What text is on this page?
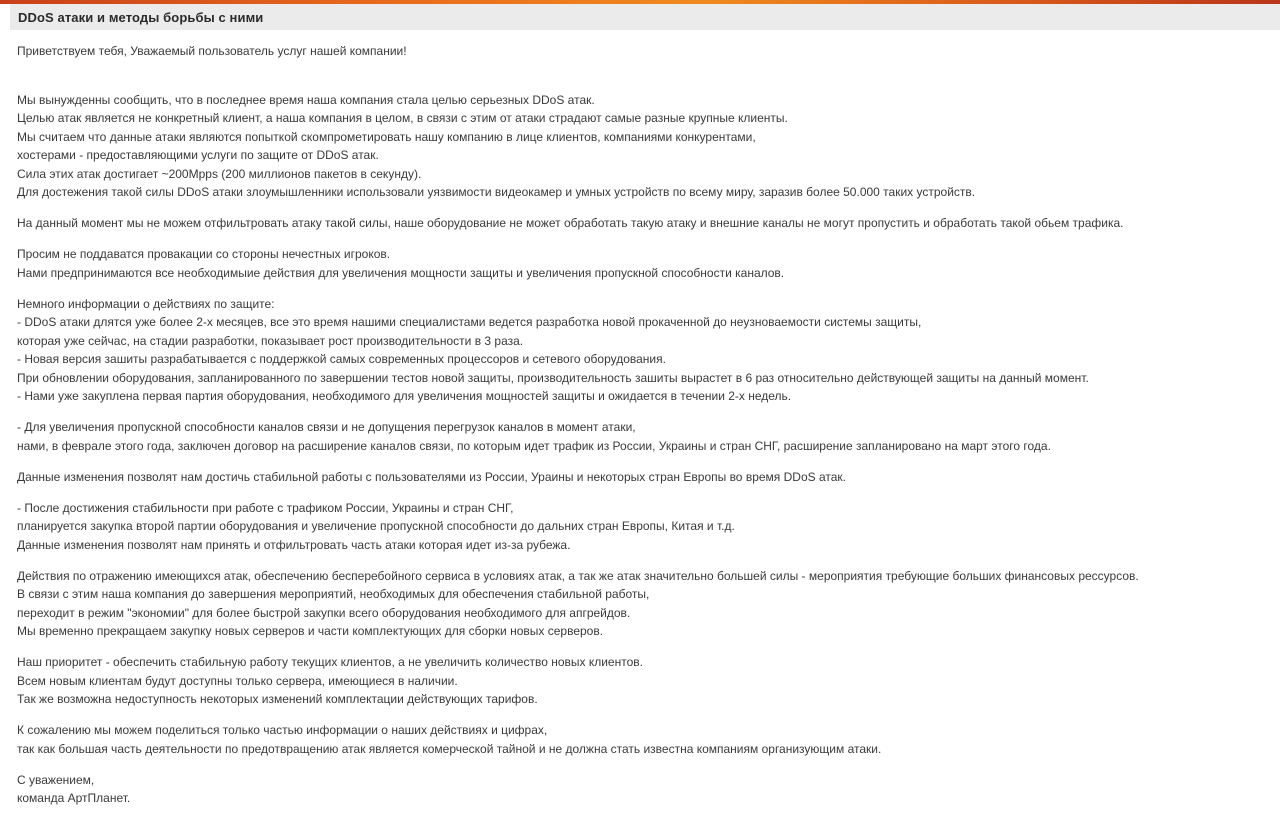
DDoS атаки и методы борьбы с ними

Приветствуем тебя, Уважаемый пользователь услуг нашей компании!

Мы вынужденны сообщить, что в последнее время наша компания стала целью серьезных DDoS атак.
Целью атак является не конкретный клиент, а наша компания в целом, в связи с этим от атаки страдают самые разные крупные клиенты.
Мы считаем что данные атаки являются попыткой скомпрометировать нашу компанию в лице клиентов, компаниями конкурентами,
хостерами - предоставляющими услуги по защите от DDoS атак.
Сила этих атак достигает ~200Mpps (200 миллионов пакетов в секунду).
Для достежения такой силы DDoS атаки злоумышленники использовали уязвимости видеокамер и умных устройств по всему миру, заразив более 50.000 таких устройств.

На данный момент мы не можем отфильтровать атаку такой силы, наше оборудование не может обработать такую атаку и внешние каналы не могут пропустить и обработать такой обьем трафика.

Просим не поддаватся провакации со стороны нечестных игроков.
Нами предпринимаются все необходимыие действия для увеличения мощности защиты и увеличения пропускной способности каналов.

Немного информации о действиях по защите:
- DDoS атаки длятся уже более 2-х месяцев, все это время нашими специалистами ведется разработка новой прокаченной до неузноваемости системы защиты,
которая уже сейчас, на стадии разработки, показывает рост производительности в 3 раза.
- Новая версия зашиты разрабатывается с поддержкой самых современных процессоров и сетевого оборудования.
При обновлении оборудования, запланированного по завершении тестов новой защиты, производительность зашиты вырастет в 6 раз относительно действующей защиты на данный момент.
- Нами уже закуплена первая партия оборудования, необходимого для увеличения мощностей защиты и ожидается в течении 2-х недель.

- Для увеличения пропускной способности каналов связи и не допущения перегрузок каналов в момент атаки,
нами, в феврале этого года, заключен договор на расширение каналов связи, по которым идет трафик из России, Украины и стран СНГ, расширение запланировано на март этого года.

Данные изменения позволят нам достичь стабильной работы с пользователями из России, Ураины и некоторых стран Европы во время DDoS атак.

- После достижения стабильности при работе с трафиком России, Украины и стран СНГ,
планируется закупка второй партии оборудования и увеличение пропускной способности до дальних стран Европы, Китая и т.д.
Данные изменения позволят нам принять и отфильтровать часть атаки которая идет из-за рубежа.

Действия по отражению имеющихся атак, обеспечению бесперебойного сервиса в условиях атак, а так же атак значительно большей силы - мероприятия требующие больших финансовых рессурсов.
В связи с этим наша компания до завершения мероприятий, необходимых для обеспечения стабильной работы,
переходит в режим "экономии" для более быстрой закупки всего оборудования необходимого для апгрейдов.
Мы временно прекращаем закупку новых серверов и части комплектующих для сборки новых серверов.

Наш приоритет - обеспечить стабильную работу текущих клиентов, а не увеличить количество новых клиентов.
Всем новым клиентам будут доступны только сервера, имеющиеся в наличии.
Так же возможна недоступность некоторых изменений комплектации действующих тарифов.

К сожалению мы можем поделиться только частью информации о наших действиях и цифрах,
так как большая часть деятельности по предотвращению атак является комерческой тайной и не должна стать известна компаниям организующим атаки.

С уважением,
команда АртПланет.
